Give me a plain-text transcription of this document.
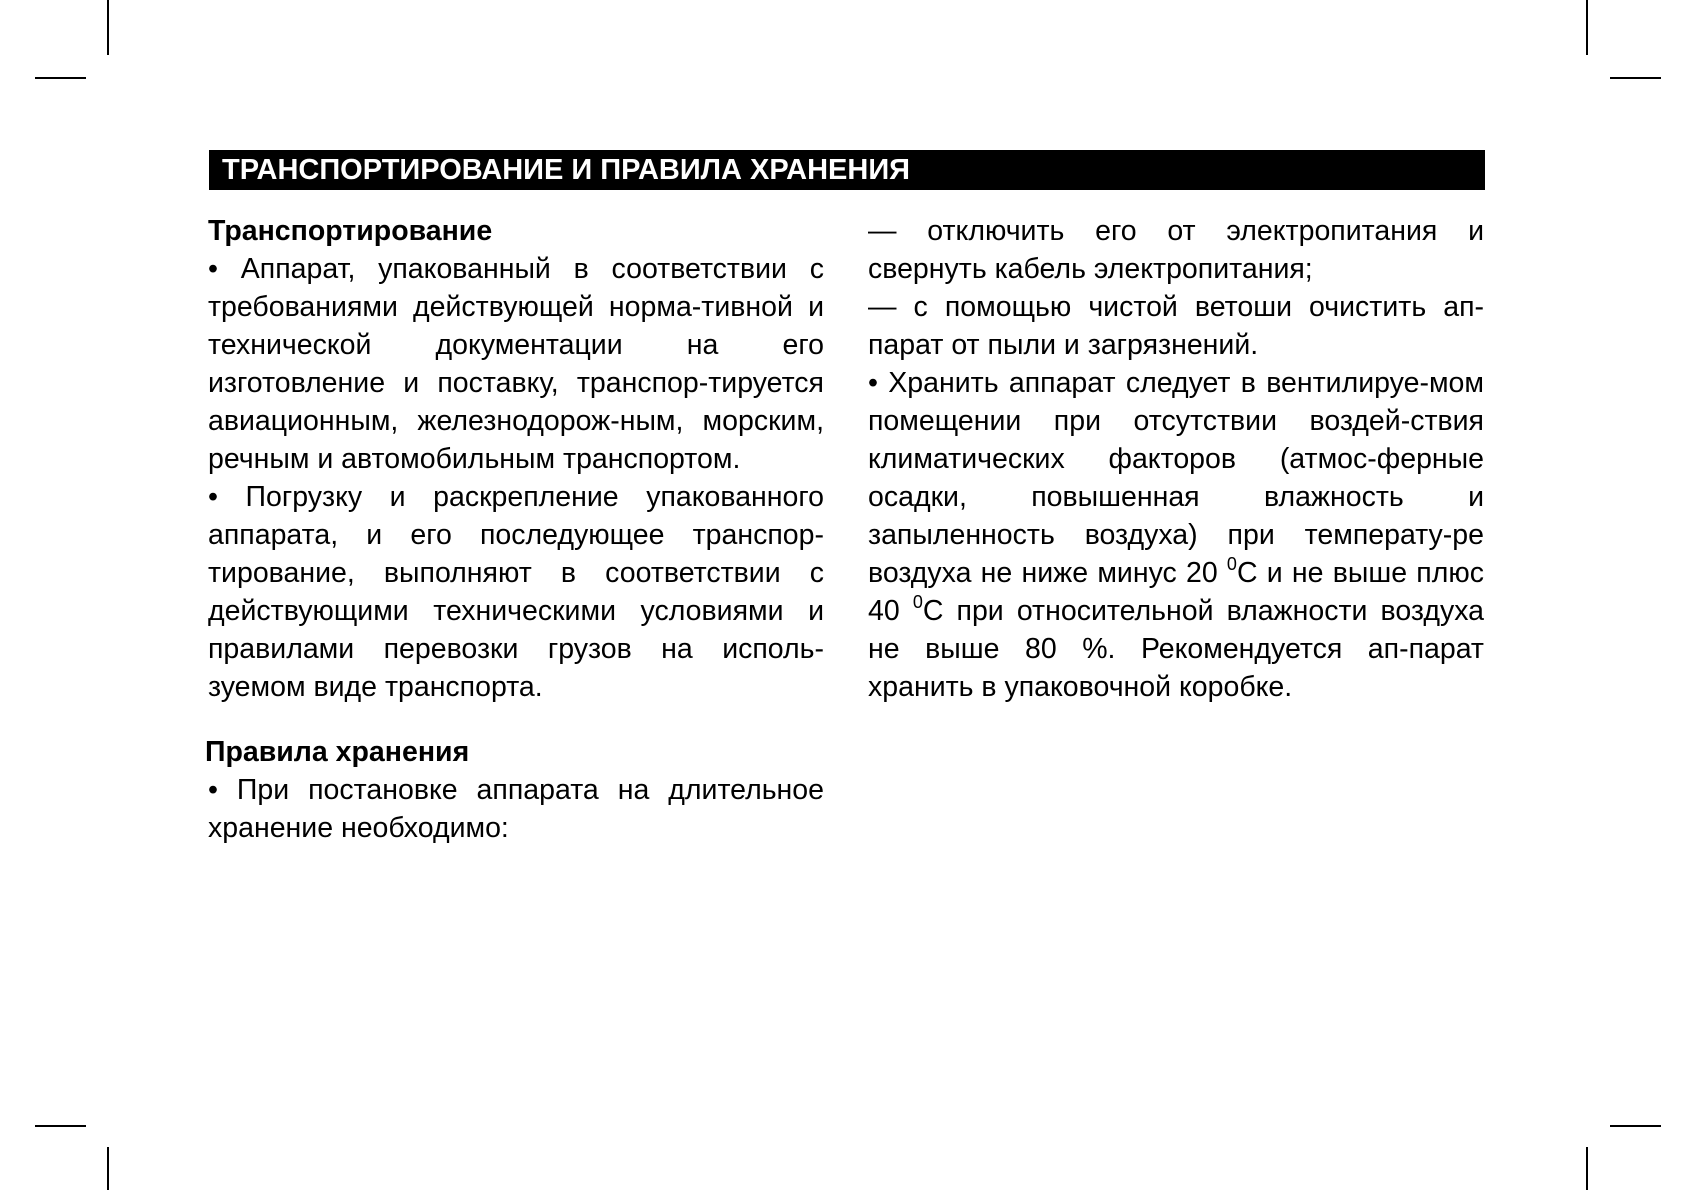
ТРАНСПОРТИРОВАНИЕ И ПРАВИЛА ХРАНЕНИЯ

Транспортирование

• Аппарат, упакованный в соответствии с требованиями действующей норма-тивной и технической документации на его изготовление и поставку, транспор-тируется авиационным, железнодорож-ным, морским, речным и автомобильным транспортом.

• Погрузку и раскрепление упакованного аппарата, и его последующее транспор-тирование, выполняют в соответствии с действующими техническими условиями и правилами перевозки грузов на исполь-зуемом виде транспорта.

Правила хранения

• При постановке аппарата на длительное хранение необходимо:

— отключить его от электропитания и свернуть кабель электропитания;

— с помощью чистой ветоши очистить ап-парат от пыли и загрязнений.

• Хранить аппарат следует в вентилируе-мом помещении при отсутствии воздей-ствия климатических факторов (атмос-ферные осадки, повышенная влажность и запыленность воздуха) при температу-ре воздуха не ниже минус 20 $^0$С и не выше плюс 40 $^0$С при относительной влажности воздуха не выше 80 %. Рекомендуется ап-парат хранить в упаковочной коробке.
